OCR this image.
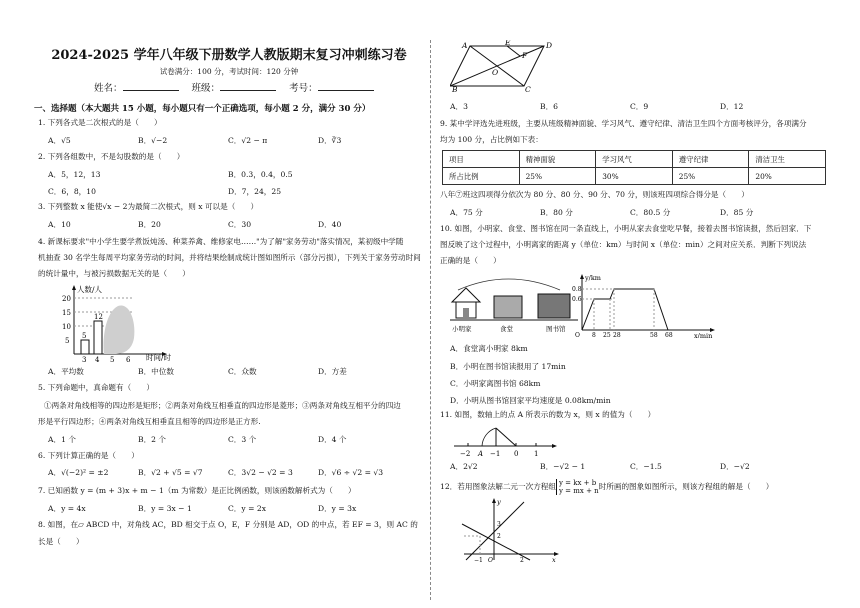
2024-2025 学年八年级下册数学人教版期末复习冲刺练习卷
试卷满分：100 分，考试时间：120 分钟
姓名：	班级：	考号：
一、选择题（本大题共 15 小题，每小题只有一个正确选项，每小题 2 分，满分 30 分）
1. 下列各式是二次根式的是（　　）
A．√5	B．√−2	C．√2 − π	D．∛3
2. 下列各组数中，不是勾股数的是（　　）
A．5，12，13	B．0.3，0.4，0.5
C．6，8，10	D．7，24，25
3. 下列整数 x 能使√x − 2为最简二次根式，则 x 可以是（　　）
A．10	B．20	C．30	D．40
4. 新课标要求"中小学生要学煮饭炖汤、种菜养禽、维修家电……"为了解"家务劳动"落实情况，某初级中学随
机抽查 30 名学生每周平均家务劳动的时间，并将结果绘制成统计图如图所示（部分污损），下列关于家务劳动时间
的统计量中，与被污损数据无关的是（　　）
人数/人
时间/时
20
15
10
5
5
12
3 4 5 6
A．平均数	B．中位数	C．众数	D．方差
5. 下列命题中，真命题有（　　）
①两条对角线相等的四边形是矩形；②两条对角线互相垂直的四边形是菱形；③两条对角线互相平分的四边
形是平行四边形；④两条对角线互相垂直且相等的四边形是正方形.
A．1 个	B．2 个	C．3 个	D．4 个
6. 下列计算正确的是（　　）
A．√(−2)² = ±2	B．√2 + √5 = √7	C．3√2 − √2 = 3	D．√6 ÷ √2 = √3
7. 已知函数 y = (m + 3)x + m − 1（m 为常数）是正比例函数，则该函数解析式为（　　）
A．y = 4x	B．y = 3x − 1	C．y = 2x	D．y = 3x
8. 如图，在▱ ABCD 中，对角线 AC，BD 相交于点 O，E，F 分别是 AD，OD 的中点，若 EF = 3，则 AC 的
长是（　　）
A
B	C
D
E
F
O
A．3	B．6	C．9	D．12
9. 某中学评选先进班级，主要从班级精神面貌、学习风气、遵守纪律、清洁卫生四个方面考核评分，各项满分
均为 100 分，占比例如下表：
项目	精神面貌	学习风气	遵守纪律	清洁卫生
所占比例	25%	30%	25%	20%
八年⑦班这四项得分依次为 80 分、80 分、90 分、70 分，则该班四项综合得分是（　　）
A．75 分	B．80 分	C．80.5 分	D．85 分
10. 如图，小明家、食堂、图书馆在同一条直线上，小明从家去食堂吃早餐，接着去图书馆读报，然后回家．下
图反映了这个过程中，小明离家的距离 y（单位：km）与时间 x（单位：min）之间对应关系．判断下列说法
正确的是（　　）
小明家	食堂	图书馆
y/km
x/min
0.8
0.6
O 8 25 28	58 68
A．食堂离小明家 8km
B．小明在图书馆读报用了 17min
C．小明家离图书馆 68km
D．小明从图书馆回家平均速度是 0.08km/min
11. 如图，数轴上的点 A 所表示的数为 x，则 x 的值为（　　）
−2 A −1 0 1
A．2√2	B．−√2 − 1	C．−1.5	D．−√2
12．若用图象法解二元一次方程组 y = kx + b
y = mx + n时所画的图象如图所示，则该方程组的解是（　　）
y
x
3
2
−1 O	2
